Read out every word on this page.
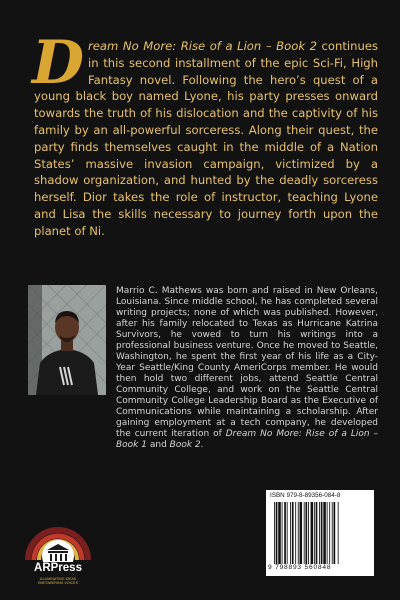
Dream No More: Rise of a Lion – Book 2 continues in this second installment of the epic Sci-Fi, High Fantasy novel. Following the hero’s quest of a young black boy named Lyone, his party presses onward towards the truth of his dislocation and the captivity of his family by an all-powerful sorceress. Along their quest, the party finds themselves caught in the middle of a Nation States’ massive invasion campaign, victimized by a shadow organization, and hunted by the deadly sorceress herself. Dior takes the role of instructor, teaching Lyone and Lisa the skills necessary to journey forth upon the planet of Ni.
Marrio C. Mathews was born and raised in New Orleans, Louisiana. Since middle school, he has completed several writing projects; none of which was published. However, after his family relocated to Texas as Hurricane Katrina Survivors, he vowed to turn his writings into a professional business venture. Once he moved to Seattle, Washington, he spent the first year of his life as a City-Year Seattle/King County AmeriCorps member. He would then hold two different jobs, attend Seattle Central Community College, and work on the Seattle Central Community College Leadership Board as the Executive of Communications while maintaining a scholarship. After gaining employment at a tech company, he developed the current iteration of Dream No More: Rise of a Lion – Book 1 and Book 2.
ARPress
ILLUMINATING IDEAS
EMPOWERING VOICES
ISBN 979-8-89356-084-8
9 798893 560848
